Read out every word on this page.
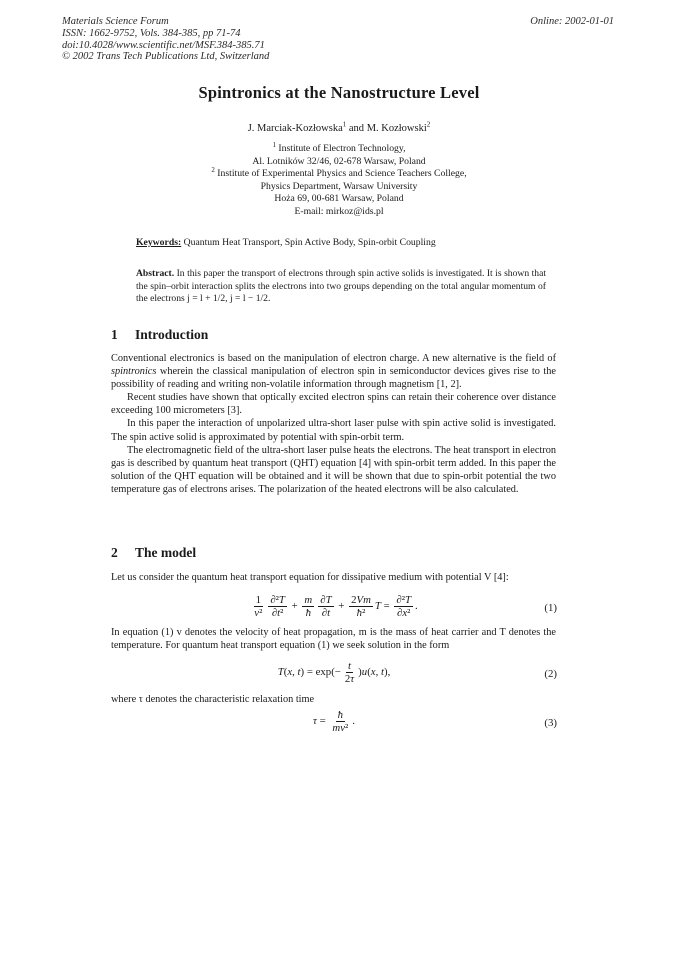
Materials Science Forum
ISSN: 1662-9752, Vols. 384-385, pp 71-74
doi:10.4028/www.scientific.net/MSF.384-385.71
© 2002 Trans Tech Publications Ltd, Switzerland
Online: 2002-01-01
Spintronics at the Nanostructure Level
J. Marciak-Kozłowska$^1$ and M. Kozłowski$^2$
$^1$ Institute of Electron Technology,
Al. Lotników 32/46, 02-678 Warsaw, Poland
$^2$ Institute of Experimental Physics and Science Teachers College,
Physics Department, Warsaw University
Hoża 69, 00-681 Warsaw, Poland
E-mail: mirkoz@ids.pl
Keywords: Quantum Heat Transport, Spin Active Body, Spin-orbit Coupling
Abstract. In this paper the transport of electrons through spin active solids is investigated. It is shown that the spin–orbit interaction splits the electrons into two groups depending on the total angular momentum of the electrons j = l + 1/2, j = l − 1/2.
1 Introduction

Conventional electronics is based on the manipulation of electron charge. A new alternative is the field of spintronics wherein the classical manipulation of electron spin in semiconductor devices gives rise to the possibility of reading and writing non-volatile information through magnetism [1, 2].

Recent studies have shown that optically excited electron spins can retain their coherence over distance exceeding 100 micrometers [3].

In this paper the interaction of unpolarized ultra-short laser pulse with spin active solid is investigated. The spin active solid is approximated by potential with spin-orbit term.

The electromagnetic field of the ultra-short laser pulse heats the electrons. The heat transport in electron gas is described by quantum heat transport (QHT) equation [4] with spin-orbit term added. In this paper the solution of the QHT equation will be obtained and it will be shown that due to spin-orbit potential the two temperature gas of electrons arises. The polarization of the heated electrons will be also calculated.

2 The model
Let us consider the quantum heat transport equation for dissipative medium with potential V [4]:
$\frac{1}{\text{v²}} \frac{\text{∂²T}}{\text{∂t²}} + \frac{m}{ħ} \frac{\partial T}{\partial t} + \frac{2Vm}{\text{ħ²}}$ $T = \frac{\text{∂²T}}{\text{∂x²}}$ .	(1)
In equation (1) v denotes the velocity of heat propagation, m is the mass of heat carrier and T denotes the temperature. For quantum heat transport equation (1) we seek solution in the form
T(x, $t) = \exp(- \frac{t}{2\tau} )u(x$, t),	(2)
where τ denotes the characteristic relaxation time
$\tau = \frac{ħ}{\text{mv²}}$ .	(3)
